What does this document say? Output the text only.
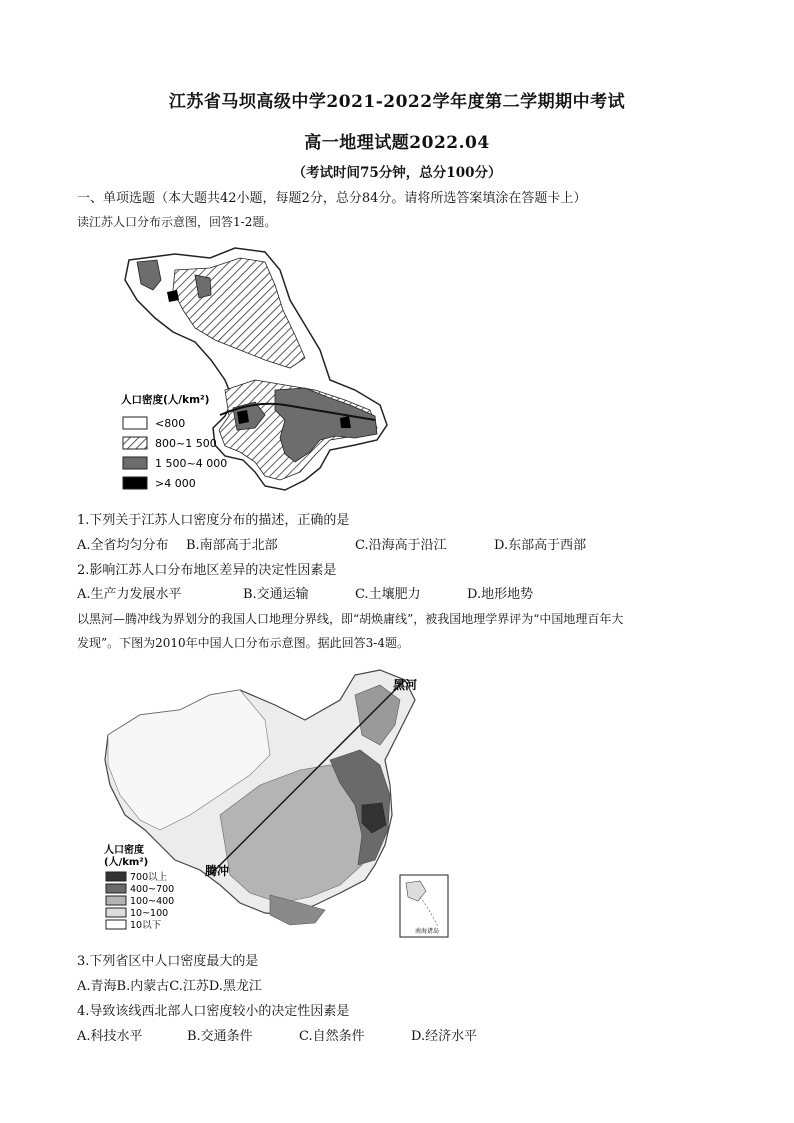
江苏省马坝高级中学2021-2022学年度第二学期期中考试
高一地理试题2022.04
（考试时间75分钟，总分100分）
一、单项选题（本大题共42小题，每题2分，总分84分。请将所选答案填涂在答题卡上）
读江苏人口分布示意图，回答1-2题。
人口密度(人/km²)
<800
800~1 500
1 500~4 000
>4 000
1.下列关于江苏人口密度分布的描述，正确的是
A.全省均匀分布 B.南部高于北部	C.沿海高于沿江	D.东部高于西部
2.影响江苏人口分布地区差异的决定性因素是
A.生产力发展水平	B.交通运输	C.土壤肥力	D.地形地势
以黑河—腾冲线为界划分的我国人口地理分界线，即“胡焕庸线”，被我国地理学界评为“中国地理百年大
发现”。下图为2010年中国人口分布示意图。据此回答3-4题。
黑河
腾冲
人口密度
(人/km²)
700以上
400~700
100~400
10~100
10以下
南海诸岛
3.下列省区中人口密度最大的是
A.青海B.内蒙古C.江苏D.黑龙江
4.导致该线西北部人口密度较小的决定性因素是
A.科技水平	B.交通条件	C.自然条件	D.经济水平
